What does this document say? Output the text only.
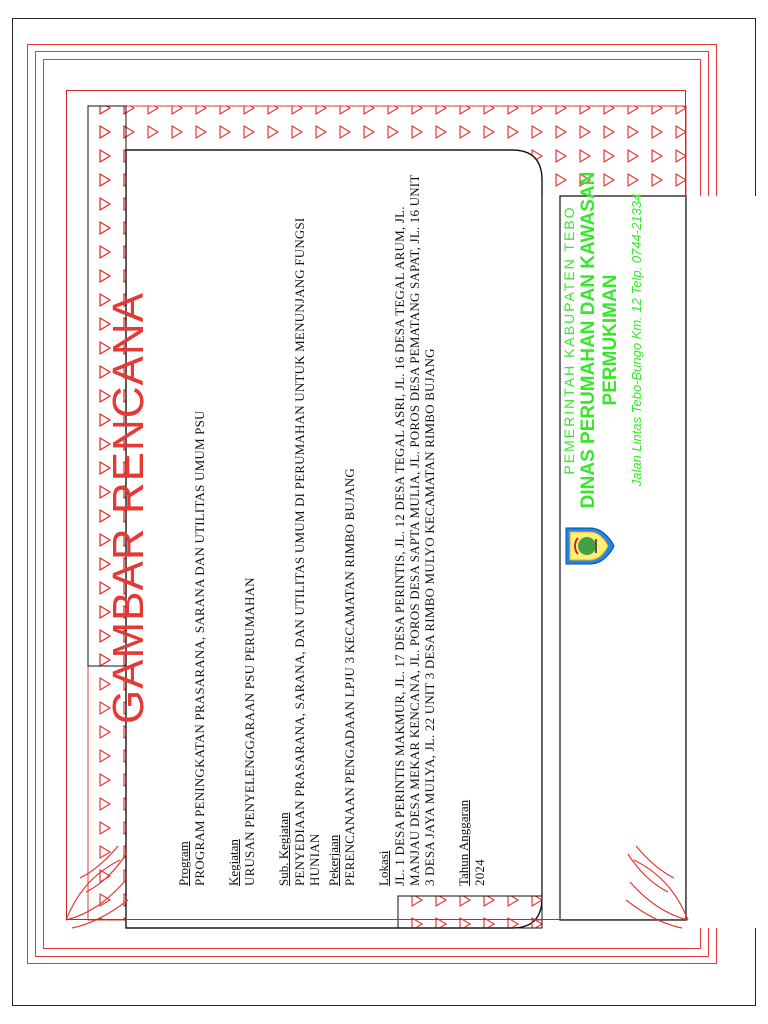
GAMBAR RENCANA
Program PROGRAM PENINGKATAN PRASARANA, SARANA DAN UTILITAS UMUM PSU Kegiatan URUSAN PENYELENGGARAAN PSU PERUMAHAN Sub. Kegiatan PENYEDIAAN PRASARANA, SARANA, DAN UTILITAS UMUM DI PERUMAHAN UNTUK MENUNJANG FUNGSI HUNIAN Pekerjaan PERENCANAAN PENGADAAN LPJU 3 KECAMATAN RIMBO BUJANG Lokasi JL. 1 DESA PERINTIS MAKMUR, JL. 17 DESA PERINTIS, JL. 12 DESA TEGAL ASRI, JL. 16 DESA TEGAL ARUM, JL. MANJAU DESA MEKAR KENCANA, JL. POROS DESA SAPTA MULIA, JL. POROS DESA PEMATANG SAPAT, JL. 16 UNIT 3 DESA JAYA MULYA, JL. 22 UNIT 3 DESA RIMBO MULYO KECAMATAN RIMBO BUJANG Tahun Anggaran 2024
PEMERINTAH KABUPATEN TEBO DINAS PERUMAHAN DAN KAWASAN PERMUKIMAN Jalan Lintas Tebo-Bungo Km. 12 Telp. 0744-21334
